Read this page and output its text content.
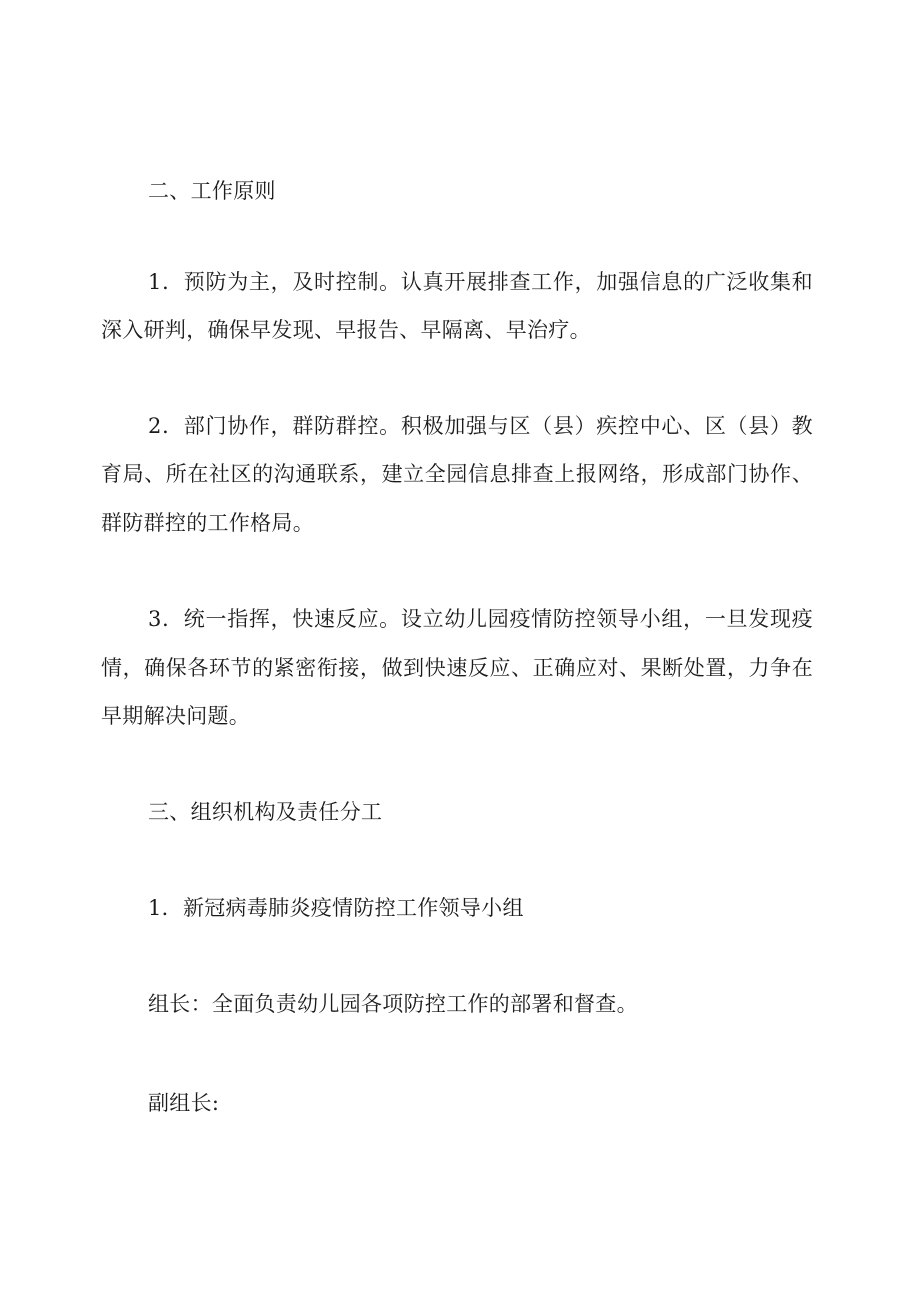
二、工作原则
1．预防为主，及时控制。认真开展排查工作，加强信息的广泛收集和
深入研判，确保早发现、早报告、早隔离、早治疗。
2．部门协作，群防群控。积极加强与区（县）疾控中心、区（县）教
育局、所在社区的沟通联系，建立全园信息排查上报网络，形成部门协作、
群防群控的工作格局。
3．统一指挥，快速反应。设立幼儿园疫情防控领导小组，一旦发现疫
情，确保各环节的紧密衔接，做到快速反应、正确应对、果断处置，力争在
早期解决问题。
三、组织机构及责任分工
1．新冠病毒肺炎疫情防控工作领导小组
组长：全面负责幼儿园各项防控工作的部署和督查。
副组长:
